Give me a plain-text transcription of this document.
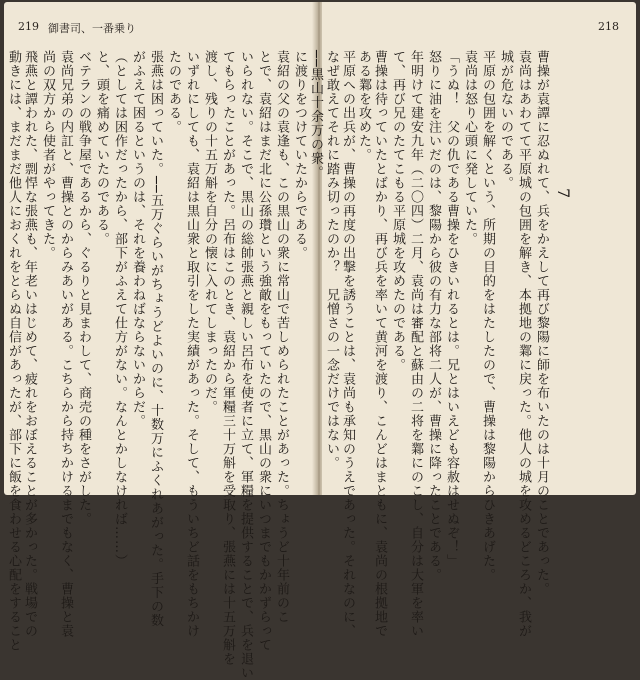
219 御書司、一番乗り
に渡りをつけていたからである。
袁紹の父の袁逢も、この黒山の衆に常山で苦しめられたことがあった。ちょうど十年前のこ
とで、袁紹はまだ北に公孫瓚という強敵をもっていたので、黒山の衆にいつまでもかかずらって
いられない。そこで、黒山の総帥張燕と親しい呂布を使者に立て、軍糧を提供することで、兵を退い
てもらったことがあった。呂布はこのとき、袁紹から軍糧三十万斛を受取り、張燕には十五万斛を
渡し、残りの十五万斛を自分の懐に入れてしまったのだ。
いずれにしても、袁紹は黒山衆と取引をした実績があった。そして、もういちど話をもちかけ
たのである。
張燕は困っていた。──五万ぐらいがちょうどよいのに、十数万にふくれあがった。手下の数
がふえて困るというのは、それを養わねばならないからだ。
（としては困作だったから、部下がふえて仕方がない。なんとかしなければ……）
と、頭を痛めていたのである。
ベテランの戦争屋であるから、ぐるりと見まわして、商売の種をさがした。
袁尚兄弟の内訌と、曹操とのからみあいがある。こちらから持ちかけるまでもなく、曹操と袁
尚の双方から使者がやってきた。
飛燕と譚われた、剽悍な張燕も、年老いはじめて、疲れをおぼえることが多かった。戦場での
動きには、まだまだ他人におくれをとらぬ自信があったが、部下に飯を食わせる心配をすること
218
7
曹操が袁譚に忍ぬれて、兵をかえして再び黎陽に師を布いたのは十月のことであった。
袁尚はあわてて平原城の包囲を解き、本拠地の鄴に戻った。他人の城を攻めるどころか、我が
城が危ないのである。
平原の包囲を解くという、所期の目的をはたしたので、曹操は黎陽からひきあげた。
袁尚は怒り心頭に発していた。
「うぬ！　父の仇である曹操をひきいれるとは。兄とはいえども容赦はせぬぞ！」
怒りに油を注いだのは、黎陽から彼の有力な部将二人が、曹操に降ったことである。
年明けて建安九年（二〇四）二月、袁尚は審配と蘇由の二将を鄴にのこし、自分は大軍を率い
て、再び兄のたてこもる平原城を攻めたのである。
曹操は待っていたとばかり、再び兵を率いて黄河を渡り、こんどはまともに、袁尚の根拠地で
ある鄴を攻めた。
平原への出兵が、曹操の再度の出撃を誘うことは、袁尚も承知のうえであった。それなのに、
なぜ敢えてそれに踏み切ったのか？　兄憎さの一念だけではない。
──黒山十余万の衆。
